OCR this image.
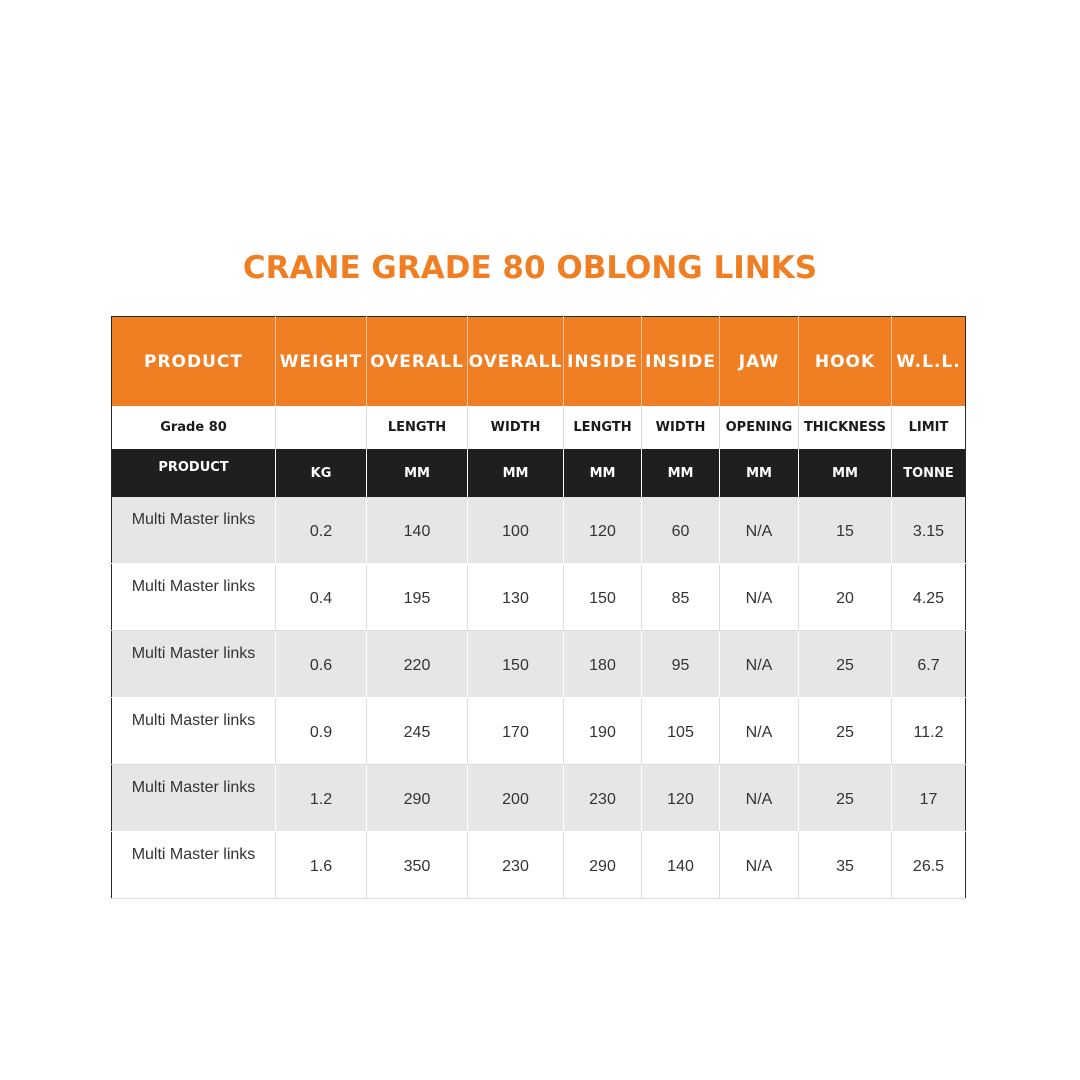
CRANE GRADE 80 OBLONG LINKS
PRODUCT	WEIGHT	OVERALL	OVERALL	INSIDE	INSIDE	JAW	HOOK	W.L.L.
Grade 80		LENGTH	WIDTH	LENGTH	WIDTH	OPENING	THICKNESS	LIMIT
PRODUCT	KG	MM	MM	MM	MM	MM	MM	TONNE
Multi Master links	0.2	140	100	120	60	N/A	15	3.15
Multi Master links	0.4	195	130	150	85	N/A	20	4.25
Multi Master links	0.6	220	150	180	95	N/A	25	6.7
Multi Master links	0.9	245	170	190	105	N/A	25	11.2
Multi Master links	1.2	290	200	230	120	N/A	25	17
Multi Master links	1.6	350	230	290	140	N/A	35	26.5
